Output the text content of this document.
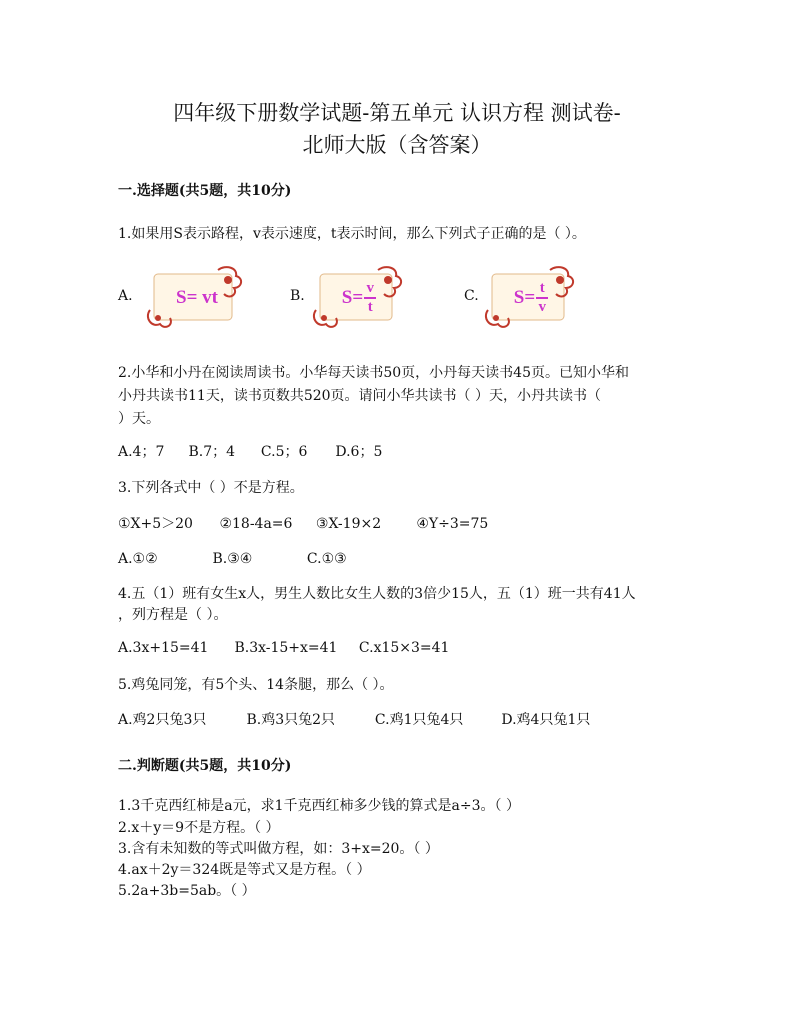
四年级下册数学试题-第五单元 认识方程 测试卷-
北师大版（含答案）
一.选择题(共5题，共10分)
1.如果用S表示路程，v表示速度，t表示时间，那么下列式子正确的是（ ）。
A. S= vt	B. $S= \frac{v}{t}$	C. $S= \frac{t}{v}$
2.小华和小丹在阅读周读书。小华每天读书50页，小丹每天读书45页。已知小华和
小丹共读书11天，读书页数共520页。请问小华共读书（ ）天，小丹共读书（
）天。
A.4；7 B.7；4 C.5；6 D.6；5
3.下列各式中（ ）不是方程。
①X+5＞20 ②18-4a=6 ③X-19×2	④Y÷3=75
A.①②	B.③④	C.①③
4.五（1）班有女生x人，男生人数比女生人数的3倍少15人，五（1）班一共有41人
，列方程是（ ）。
A.3x+15=41 B.3x-15+x=41 C.x15×3=41
5.鸡兔同笼，有5个头、14条腿，那么（ ）。
A.鸡2只兔3只	B.鸡3只兔2只	C.鸡1只兔4只	D.鸡4只兔1只
二.判断题(共5题，共10分)
1.3千克西红柿是a元，求1千克西红柿多少钱的算式是a÷3。（ ）
2.x＋y＝9不是方程。（ ）
3.含有未知数的等式叫做方程，如：3+x=20。（ ）
4.ax＋2y＝324既是等式又是方程。（ ）
5.2a+3b=5ab。（ ）
